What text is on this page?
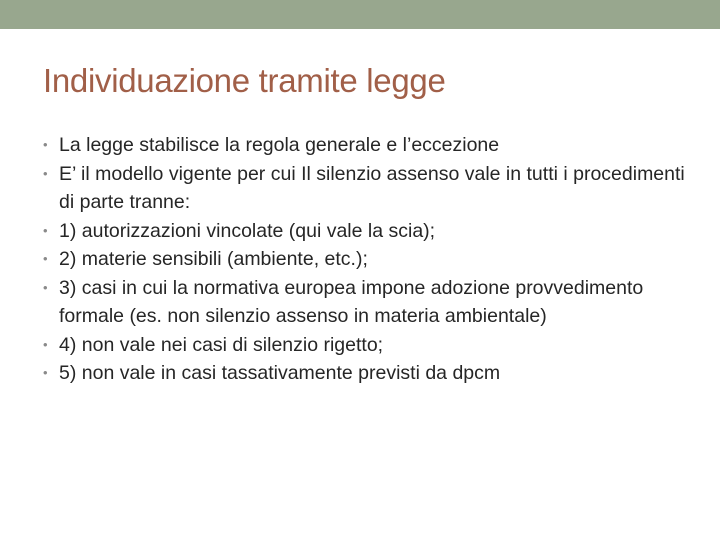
Individuazione tramite legge
• La legge stabilisce la regola generale e l’eccezione
• E’ il modello vigente per cui Il silenzio assenso vale in tutti i procedimenti di parte tranne:
• 1) autorizzazioni vincolate (qui vale la scia);
• 2) materie sensibili (ambiente, etc.);
• 3) casi in cui la normativa europea impone adozione provvedimento formale (es. non silenzio assenso in materia ambientale)
• 4) non vale nei casi di silenzio rigetto;
• 5) non vale in casi tassativamente previsti da dpcm
